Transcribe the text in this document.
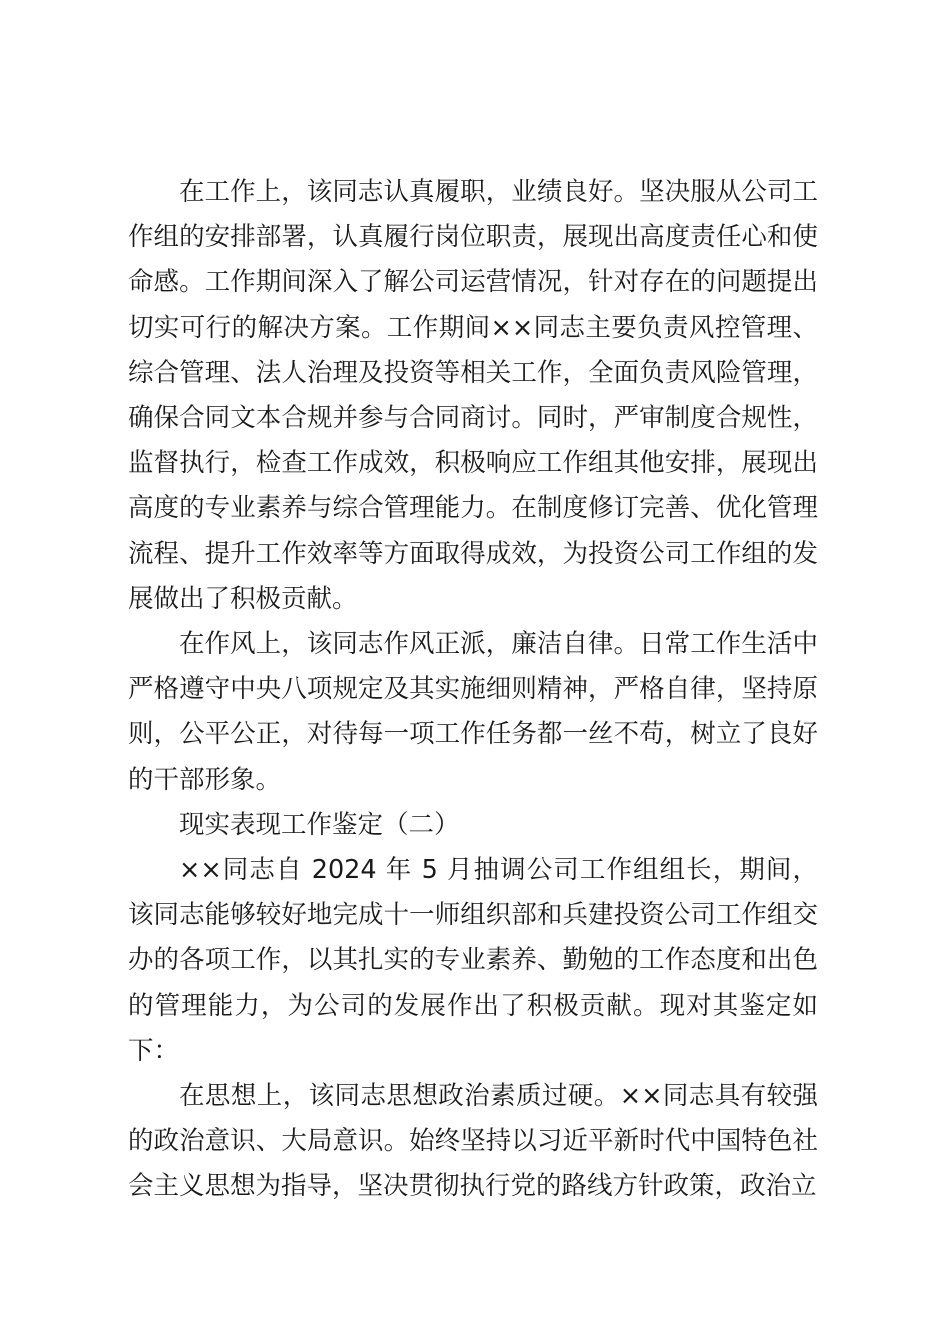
在工作上，该同志认真履职，业绩良好。坚决服从公司工作组的安排部署，认真履行岗位职责，展现出高度责任心和使命感。工作期间深入了解公司运营情况，针对存在的问题提出切实可行的解决方案。工作期间××同志主要负责风控管理、综合管理、法人治理及投资等相关工作，全面负责风险管理，确保合同文本合规并参与合同商讨。同时，严审制度合规性，监督执行，检查工作成效，积极响应工作组其他安排，展现出高度的专业素养与综合管理能力。在制度修订完善、优化管理流程、提升工作效率等方面取得成效，为投资公司工作组的发展做出了积极贡献。

在作风上，该同志作风正派，廉洁自律。日常工作生活中严格遵守中央八项规定及其实施细则精神，严格自律，坚持原则，公平公正，对待每一项工作任务都一丝不苟，树立了良好的干部形象。

现实表现工作鉴定（二）

××同志自 2024 年 5 月抽调公司工作组组长，期间，该同志能够较好地完成十一师组织部和兵建投资公司工作组交办的各项工作，以其扎实的专业素养、勤勉的工作态度和出色的管理能力，为公司的发展作出了积极贡献。现对其鉴定如下：

在思想上，该同志思想政治素质过硬。××同志具有较强的政治意识、大局意识。始终坚持以习近平新时代中国特色社会主义思想为指导，坚决贯彻执行党的路线方针政策，政治立
